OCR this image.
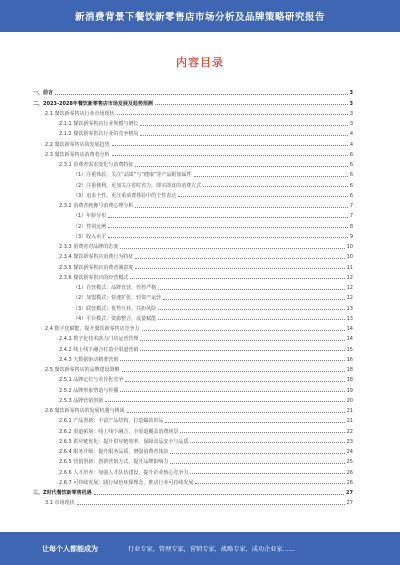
新消费背景下餐饮新零售店市场分析及品牌策略研究报告
内容目录
一、前言	3
二、2023-2028年餐饮新零售店市场发展及趋势预测	3
2.1 餐饮新零售店行业市场现状	3
2.1.1 餐饮新零售店行业规模与增长	3
2.1.2 餐饮新零售店行业的竞争格局	4
2.2 餐饮新零售店的发展趋势	4
2.3 餐饮新零售店消费者分析	6
2.3.1 消费者需求变化与消费特征	6
（1）注重体验，关注“品质”与“健康”等产品附加属性	6
（2）注重便利，更加关注省时省力，即买即食的消费方式	6
（3）追求个性，更注重消费体验中的个性表达	6
2.3.2 消费者画像与消费心理分析	7
（1）年龄分布	7
（2）性别比例	8
（3）收入水平	9
2.3.3 消费者对品牌的态度	10
2.3.4 餐饮新零售店消费行为特征	10
2.3.5 餐饮新零售店消费者满意度	11
2.3.6 餐饮新零售店的经营模式	12
（1）自营模式：品牌直营，管控严格	12
（2）加盟模式：快速扩张，轻资产运营	12
（3）联营模式：优势互补，共担风险	13
（4）平台模式：资源整合，流量赋能	13
2.4 数字化赋能，提升餐饮新零售店竞争力	14
2.4.1 数字化技术助力门店运营管理	14
2.4.2 线上线下融合打造全渠道营销	15
2.4.3 大数据驱动精准营销	16
2.5 餐饮新零售店的品牌建设策略	18
2.5.1 品牌定位与差异化竞争	18
2.5.2 品牌形象塑造与传播	19
2.5.3 品牌营销创新	20
2.6 餐饮新零售店的发展机遇与挑战	21
2.6.1 产品创新：丰富产品结构，打造爆款单品	21
2.6.2 渠道拓展：线上线下融合，全渠道覆盖消费场景	22
2.6.3 供应链优化：提升供应链效率，保障食品安全与品质	23
2.6.4 服务升级：提升服务品质，增强消费者体验	24
2.6.5 营销创新：创新营销方式，提升品牌影响力	25
2.6.6 人才培养：加强人才队伍建设，提升企业核心竞争力	26
2.6.7 可持续发展：践行绿色环保理念，推动行业可持续发展	26
三、Z时代餐饮新零售机遇	27
3.1 市场现状	27
让每个人都能成为	行业专家，管理专家，营销专家，战略专家，成功企业家……
